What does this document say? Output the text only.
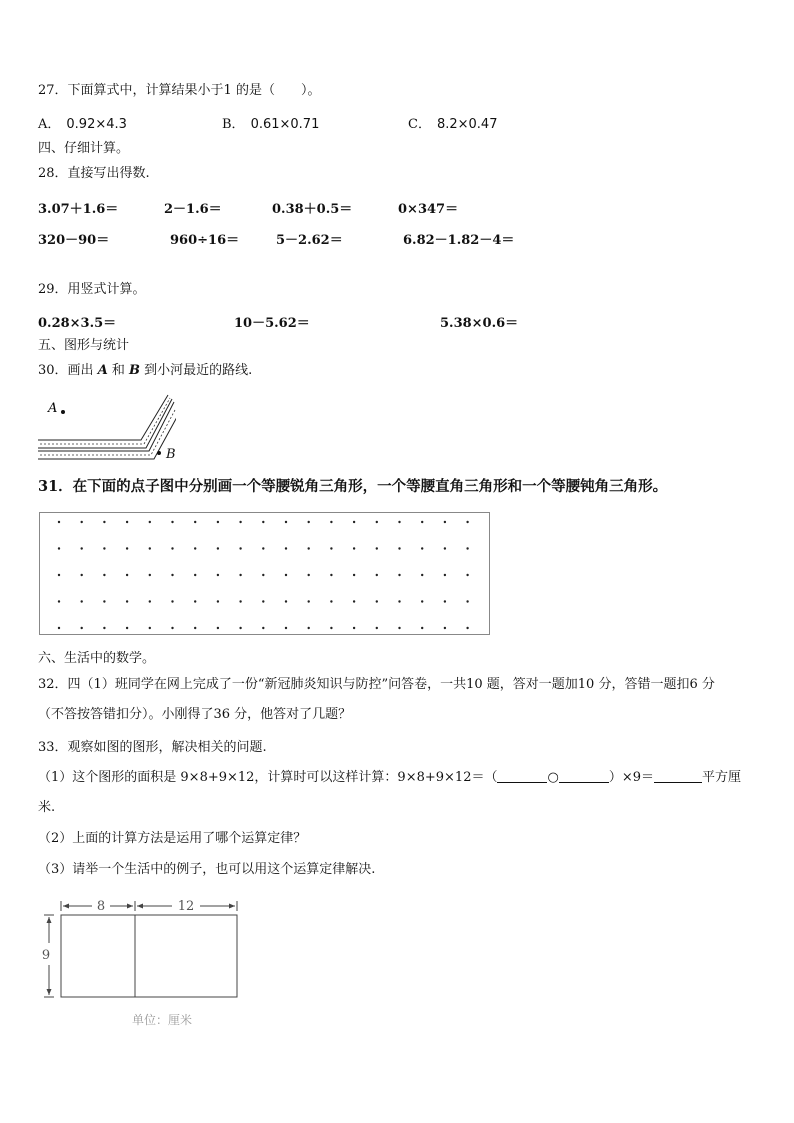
27．下面算式中，计算结果小于1 的是（　　）。
A． 0.92×4.3	B． 0.61×0.71	C． 8.2×0.47
四、仔细计算。
28．直接写出得数.
3.07＋1.6＝	2－1.6＝	0.38＋0.5＝	0×347＝
320－90＝	960÷16＝	5－2.62＝	6.82－1.82－4＝
29．用竖式计算。
0.28×3.5＝	10－5.62＝	5.38×0.6＝
五、图形与统计
30．画出 A 和 B 到小河最近的路线.
A
B
31．在下面的点子图中分别画一个等腰锐角三角形，一个等腰直角三角形和一个等腰钝角三角形。
六、生活中的数学。
32．四（1）班同学在网上完成了一份“新冠肺炎知识与防控”问答卷，一共10 题，答对一题加10 分，答错一题扣6 分
（不答按答错扣分）。小刚得了36 分，他答对了几题？
33．观察如图的图形，解决相关的问题.
（1）这个图形的面积是 9×8+9×12，计算时可以这样计算：9×8+9×12＝（	○	）×9＝	平方厘
米.
（2）上面的计算方法是运用了哪个运算定律？
（3）请举一个生活中的例子，也可以用这个运算定律解决.
8	12
9
单位：厘米
